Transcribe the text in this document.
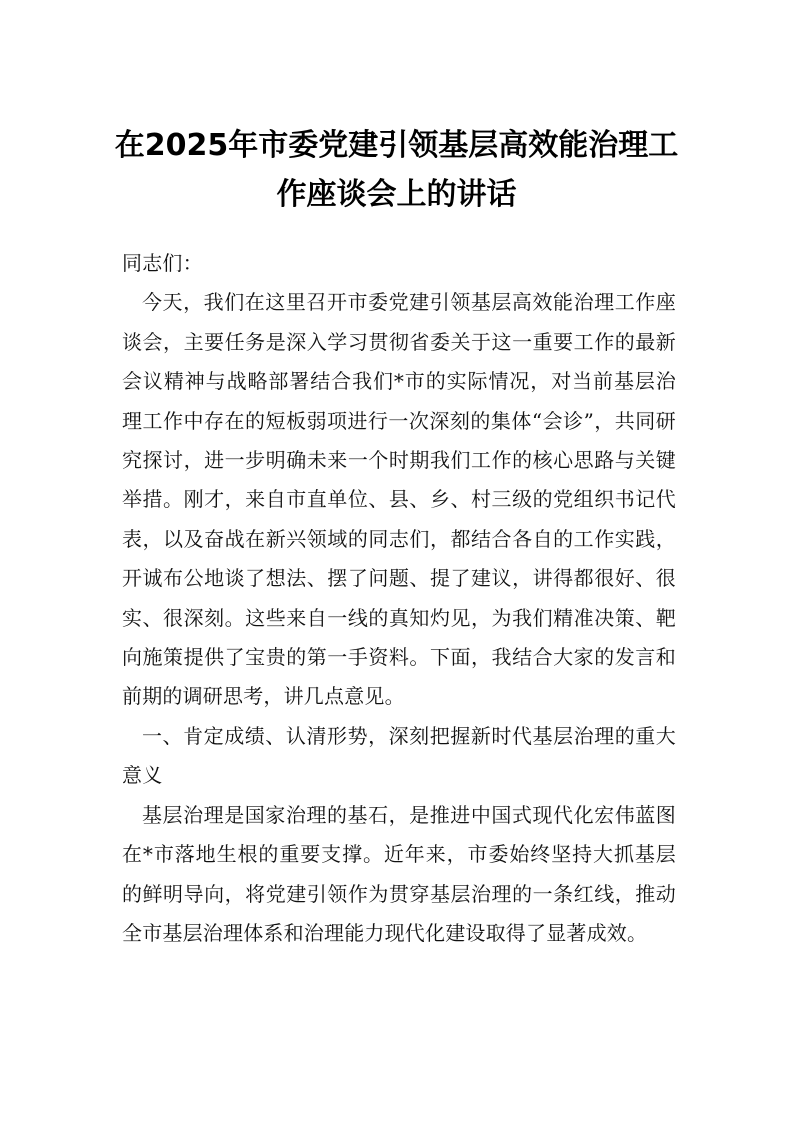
在2025年市委党建引领基层高效能治理工
作座谈会上的讲话

同志们：

今天，我们在这里召开市委党建引领基层高效能治理工作座谈会，主要任务是深入学习贯彻省委关于这一重要工作的最新会议精神与战略部署结合我们*市的实际情况，对当前基层治理工作中存在的短板弱项进行一次深刻的集体“会诊”，共同研究探讨，进一步明确未来一个时期我们工作的核心思路与关键举措。刚才，来自市直单位、县、乡、村三级的党组织书记代表，以及奋战在新兴领域的同志们，都结合各自的工作实践，开诚布公地谈了想法、摆了问题、提了建议，讲得都很好、很实、很深刻。这些来自一线的真知灼见，为我们精准决策、靶向施策提供了宝贵的第一手资料。下面，我结合大家的发言和前期的调研思考，讲几点意见。

一、肯定成绩、认清形势，深刻把握新时代基层治理的重大意义

基层治理是国家治理的基石，是推进中国式现代化宏伟蓝图在*市落地生根的重要支撑。近年来，市委始终坚持大抓基层的鲜明导向，将党建引领作为贯穿基层治理的一条红线，推动全市基层治理体系和治理能力现代化建设取得了显著成效。
